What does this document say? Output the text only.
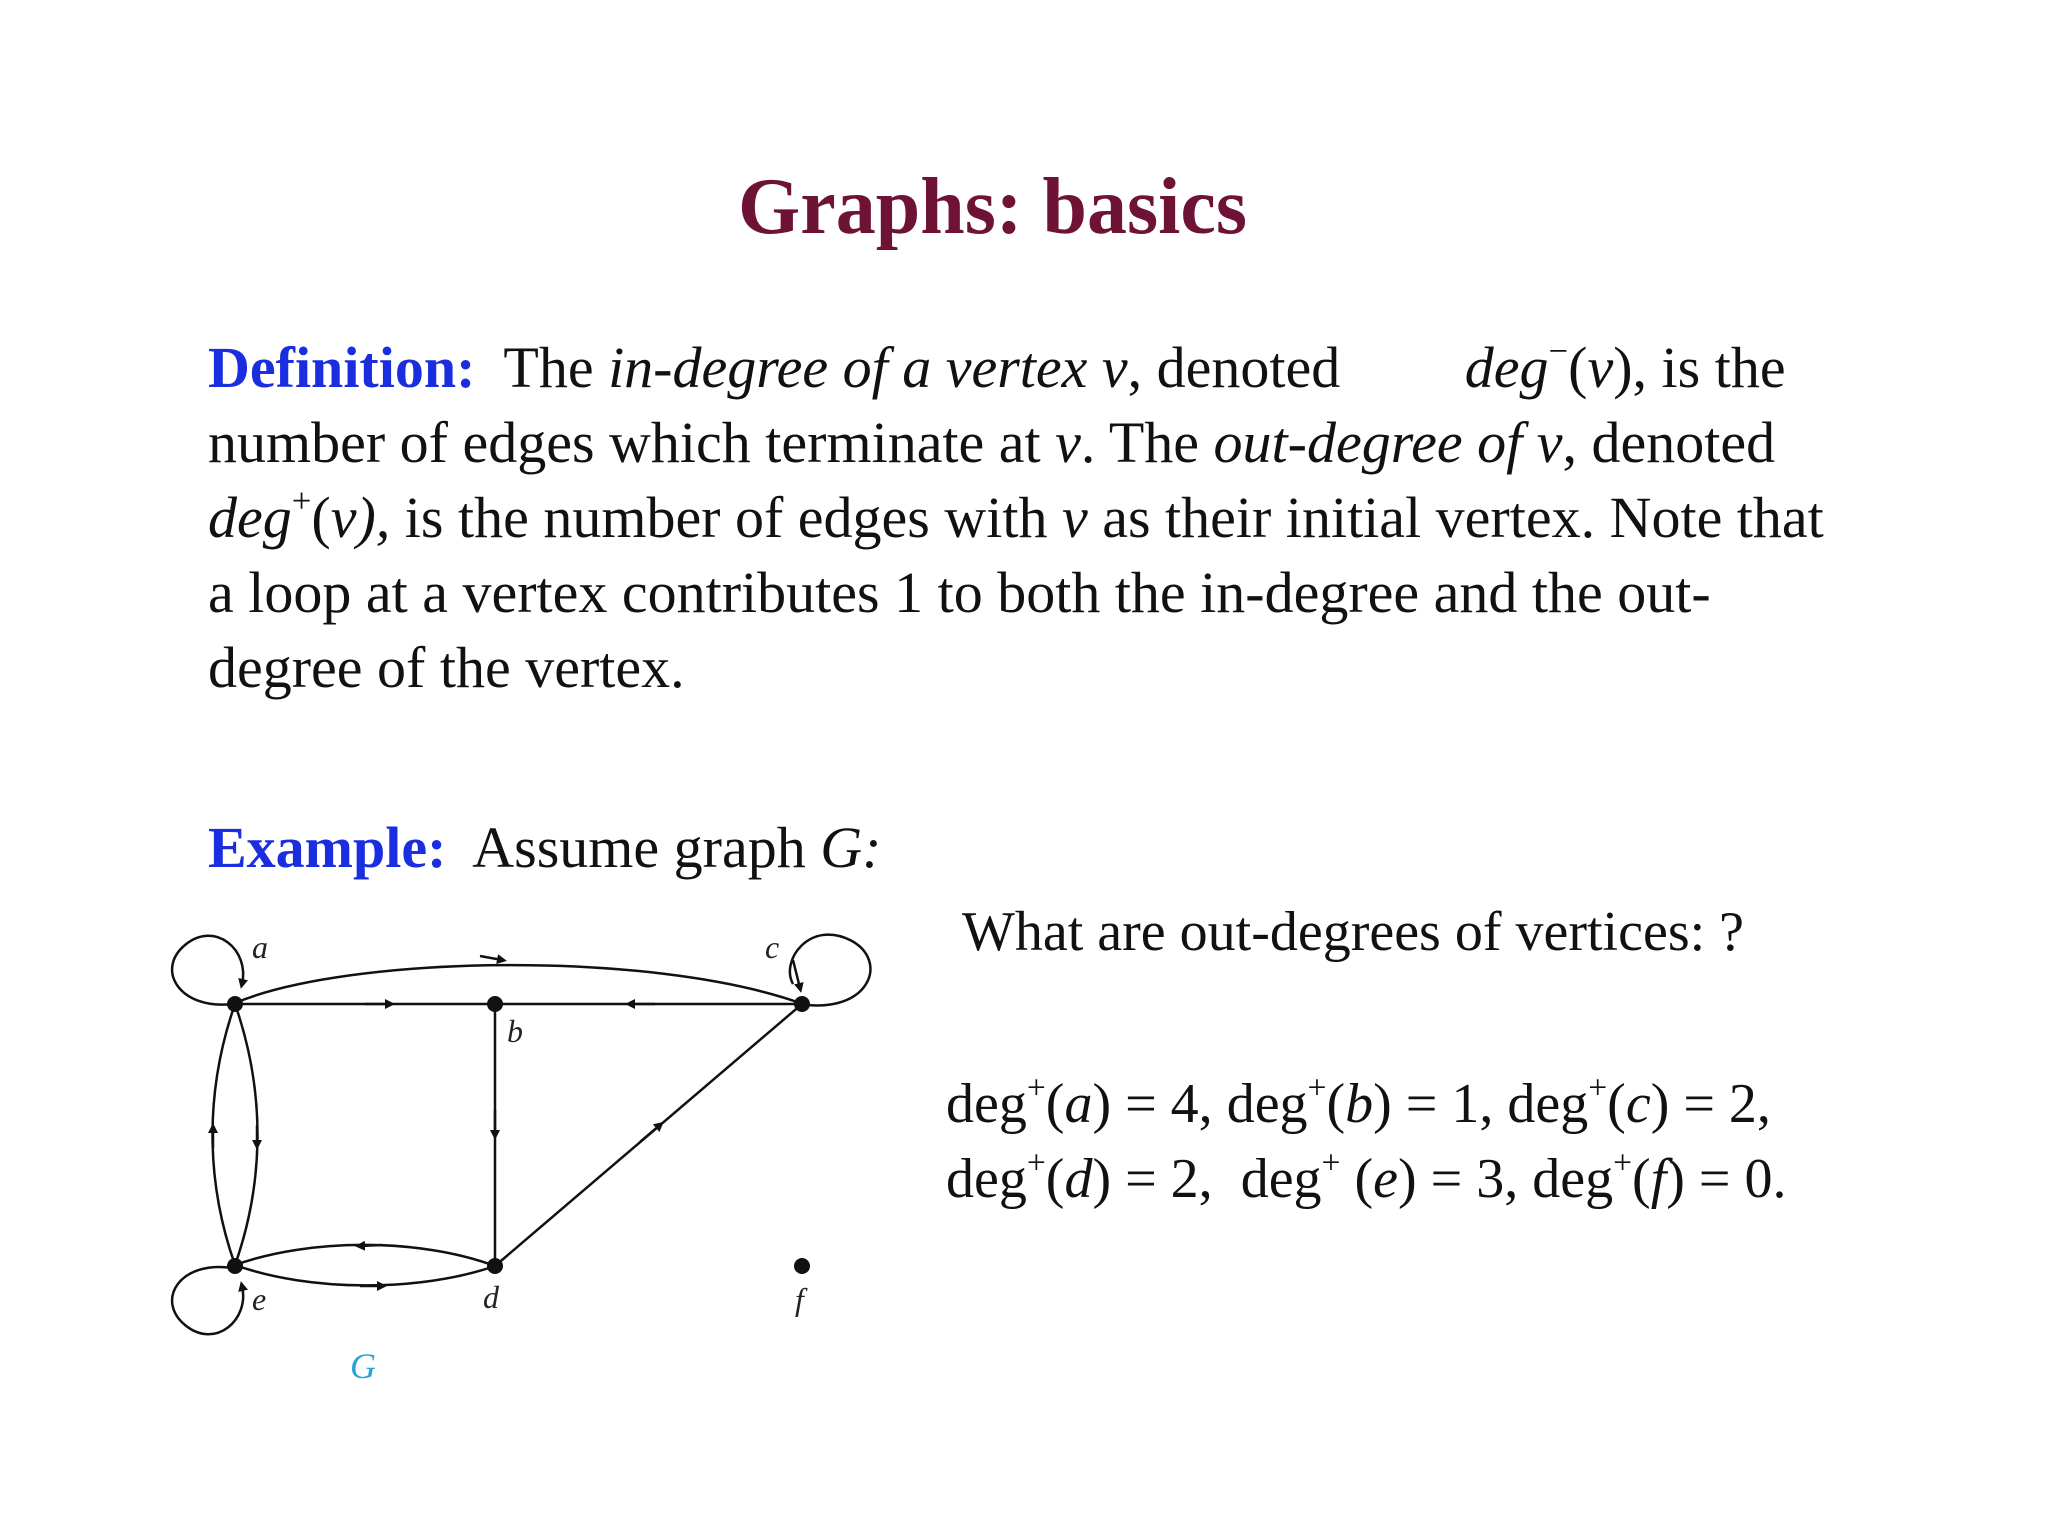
Graphs: basics
Definition: The in-degree of a vertex v, denoted deg−(v), is the number of edges which terminate at v. The out-degree of v, denoted deg+(v), is the number of edges with v as their initial vertex. Note that a loop at a vertex contributes 1 to both the in-degree and the out-degree of the vertex.
Example: Assume graph G:
What are out-degrees of vertices: ?
deg+(a) = 4, deg+(b) = 1, deg+(c) = 2,
deg+(d) = 2,  deg+ (e) = 3, deg+(f) = 0.
a
b
c
d
e	f
G
